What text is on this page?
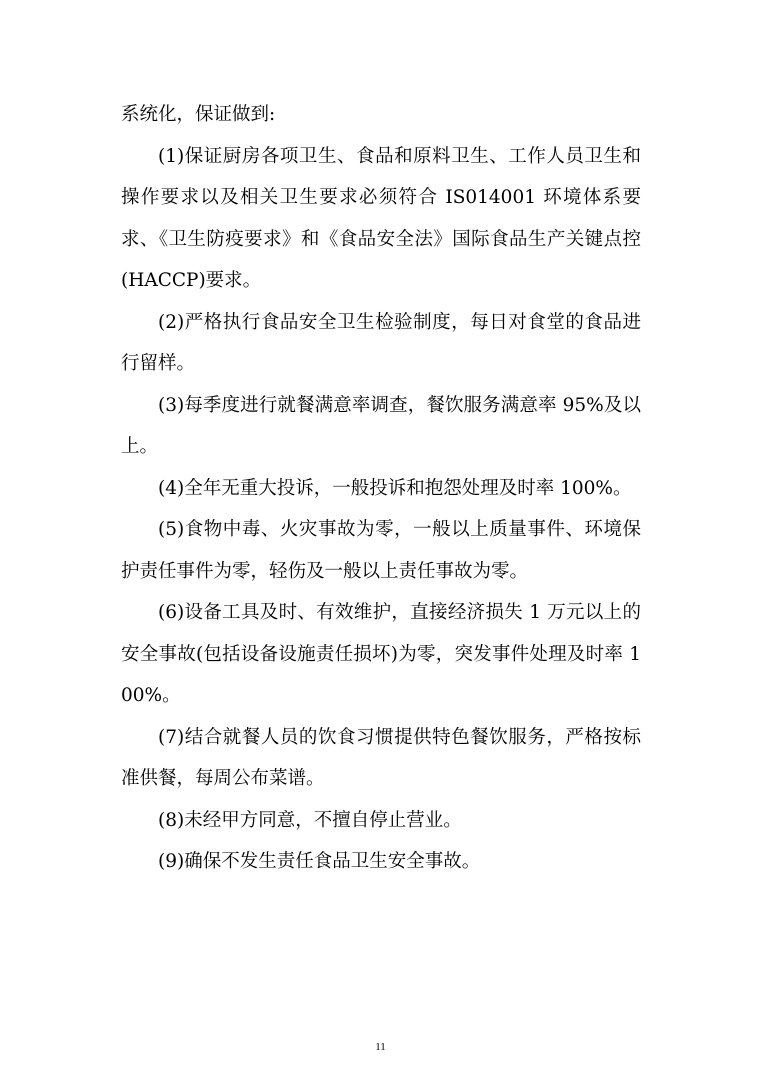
系统化，保证做到:

(1)保证厨房各项卫生、食品和原料卫生、工作人员卫生和操作要求以及相关卫生要求必须符合 IS014001 环境体系要求、《卫生防疫要求》和《食品安全法》国际食品生产关键点控(HACCP)要求。

(2)严格执行食品安全卫生检验制度，每日对食堂的食品进行留样。

(3)每季度进行就餐满意率调查，餐饮服务满意率 95%及以上。

(4)全年无重大投诉，一般投诉和抱怨处理及时率 100%。

(5)食物中毒、火灾事故为零，一般以上质量事件、环境保护责任事件为零，轻伤及一般以上责任事故为零。

(6)设备工具及时、有效维护，直接经济损失 1 万元以上的安全事故(包括设备设施责任损坏)为零，突发事件处理及时率 100%。

(7)结合就餐人员的饮食习惯提供特色餐饮服务，严格按标准供餐，每周公布菜谱。

(8)未经甲方同意，不擅自停止营业。

(9)确保不发生责任食品卫生安全事故。

11
